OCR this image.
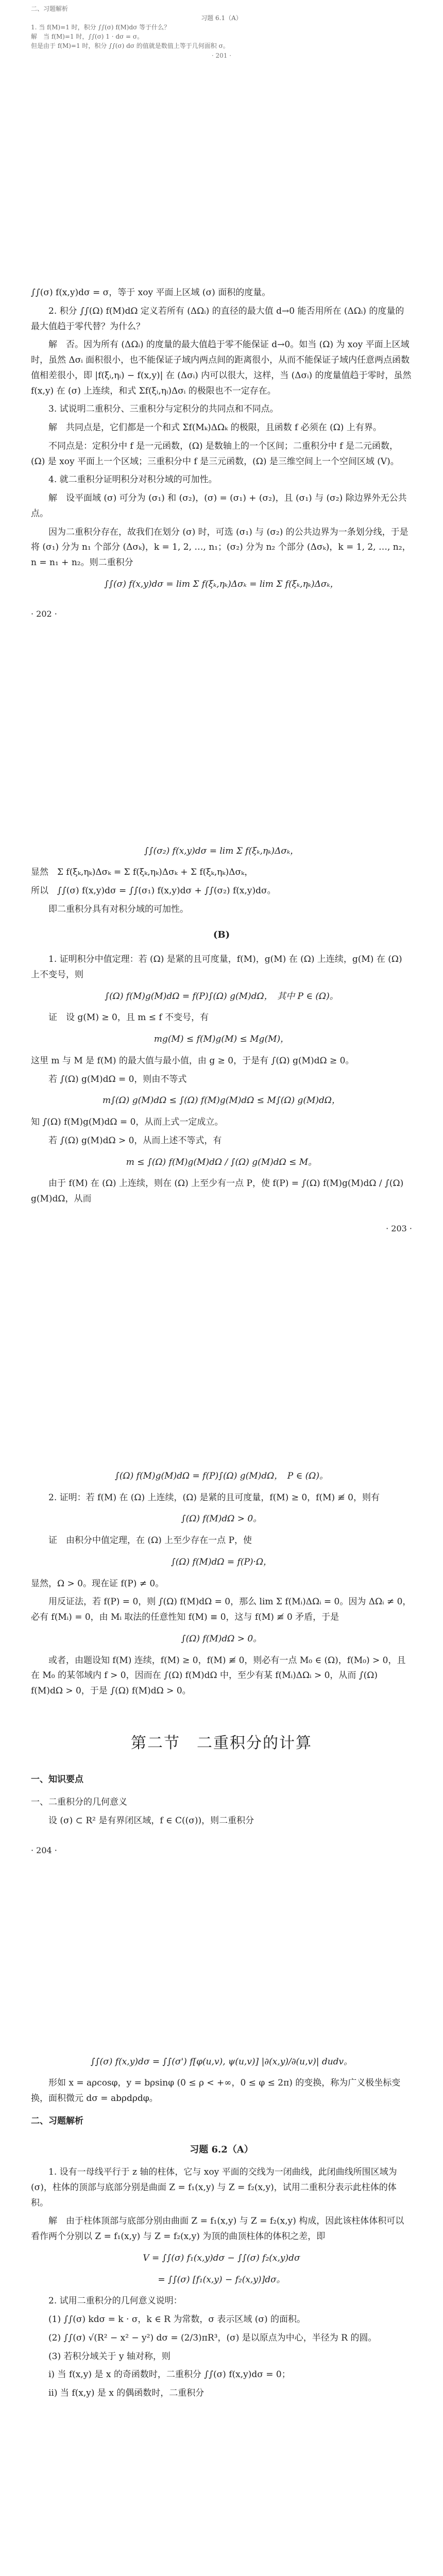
二、习题解析
习题 6.1（A）
1. 当 f(M)=1 时，积分 ∫∫(σ) f(M)dσ 等于什么？
解　当 f(M)=1 时，∫∫(σ) 1 · dσ = σ。
但是由于 f(M)=1 时，积分 ∫∫(σ) dσ 的值就是数值上等于几何面积 σ。
· 201 ·

∫∫(σ) f(x,y)dσ = σ，等于 xoy 平面上区域 (σ) 面积的度量。

2. 积分 ∫∫(Ω) f(M)dΩ 定义若所有 (ΔΩᵢ) 的直径的最大值 d→0 能否用所在 (ΔΩᵢ) 的度量的最大值趋于零代替？为什么？

解　否。因为所有 (ΔΩᵢ) 的度量的最大值趋于零不能保证 d→0。如当 (Ω) 为 xoy 平面上区域时，虽然 Δσᵢ 面积很小，也不能保证子域内两点间的距离很小，从而不能保证子域内任意两点函数值相差很小，即 |f(ξᵢ,ηᵢ) − f(x,y)| 在 (Δσᵢ) 内可以很大，这样，当 (Δσᵢ) 的度量值趋于零时，虽然 f(x,y) 在 (σ) 上连续，和式 Σf(ξᵢ,ηᵢ)Δσᵢ 的极限也不一定存在。

3. 试说明二重积分、三重积分与定积分的共同点和不同点。

解　共同点是，它们都是一个和式 Σf(Mₖ)ΔΩₖ 的极限，且函数 f 必须在 (Ω) 上有界。

不同点是：定积分中 f 是一元函数，(Ω) 是数轴上的一个区间；二重积分中 f 是二元函数，(Ω) 是 xoy 平面上一个区域；三重积分中 f 是三元函数，(Ω) 是三维空间上一个空间区域 (V)。

4. 就二重积分证明积分对积分域的可加性。

解　设平面域 (σ) 可分为 (σ₁) 和 (σ₂)，(σ) = (σ₁) + (σ₂)，且 (σ₁) 与 (σ₂) 除边界外无公共点。

因为二重积分存在，故我们在划分 (σ) 时，可选 (σ₁) 与 (σ₂) 的公共边界为一条划分线，于是将 (σ₁) 分为 n₁ 个部分 (Δσₖ)，k = 1, 2, …, n₁；(σ₂) 分为 n₂ 个部分 (Δσₖ)，k = 1, 2, …, n₂，n = n₁ + n₂。则二重积分

∫∫(σ) f(x,y)dσ = lim Σ f(ξₖ,ηₖ)Δσₖ = lim Σ f(ξₖ,ηₖ)Δσₖ，
· 202 ·
∫∫(σ₂) f(x,y)dσ = lim Σ f(ξₖ,ηₖ)Δσₖ，

显然　Σ f(ξₖ,ηₖ)Δσₖ = Σ f(ξₖ,ηₖ)Δσₖ + Σ f(ξₖ,ηₖ)Δσₖ，

所以　∫∫(σ) f(x,y)dσ = ∫∫(σ₁) f(x,y)dσ + ∫∫(σ₂) f(x,y)dσ。

即二重积分具有对积分域的可加性。

(B)

1. 证明积分中值定理：若 (Ω) 是紧的且可度量，f(M)，g(M) 在 (Ω) 上连续，g(M) 在 (Ω) 上不变号，则

∫(Ω) f(M)g(M)dΩ = f(P)∫(Ω) g(M)dΩ，　其中 P ∈ (Ω)。

证　设 g(M) ≥ 0，且 m ≤ f 不变号，有

mg(M) ≤ f(M)g(M) ≤ Mg(M)，

这里 m 与 M 是 f(M) 的最大值与最小值，由 g ≥ 0，于是有 ∫(Ω) g(M)dΩ ≥ 0。

若 ∫(Ω) g(M)dΩ = 0，则由不等式

m∫(Ω) g(M)dΩ ≤ ∫(Ω) f(M)g(M)dΩ ≤ M∫(Ω) g(M)dΩ，

知 ∫(Ω) f(M)g(M)dΩ = 0，从而上式一定成立。

若 ∫(Ω) g(M)dΩ > 0，从而上述不等式，有

m ≤ ∫(Ω) f(M)g(M)dΩ / ∫(Ω) g(M)dΩ ≤ M。

由于 f(M) 在 (Ω) 上连续，则在 (Ω) 上至少有一点 P，使 f(P) = ∫(Ω) f(M)g(M)dΩ / ∫(Ω) g(M)dΩ，从而

· 203 ·
∫(Ω) f(M)g(M)dΩ = f(P)∫(Ω) g(M)dΩ，　P ∈ (Ω)。

2. 证明：若 f(M) 在 (Ω) 上连续，(Ω) 是紧的且可度量，f(M) ≥ 0，f(M) ≢ 0，则有

∫(Ω) f(M)dΩ > 0。

证　由积分中值定理，在 (Ω) 上至少存在一点 P，使

∫(Ω) f(M)dΩ = f(P)·Ω，

显然，Ω > 0。现在证 f(P) ≠ 0。

用反证法，若 f(P) = 0，则 ∫(Ω) f(M)dΩ = 0，那么 lim Σ f(Mᵢ)ΔΩᵢ = 0。因为 ΔΩᵢ ≠ 0，必有 f(Mᵢ) = 0，由 Mᵢ 取法的任意性知 f(M) ≡ 0，这与 f(M) ≢ 0 矛盾，于是

∫(Ω) f(M)dΩ > 0。

或者，由题设知 f(M) 连续，f(M) ≥ 0，f(M) ≢ 0，则必有一点 M₀ ∈ (Ω)，f(M₀) > 0，且在 M₀ 的某邻域内 f > 0，因而在 ∫(Ω) f(M)dΩ 中，至少有某 f(Mᵢ)ΔΩᵢ > 0，从而 ∫(Ω) f(M)dΩ > 0，于是 ∫(Ω) f(M)dΩ > 0。

第二节　二重积分的计算
一、知识要点
一、二重积分的几何意义

设 (σ) ⊂ R² 是有界闭区域，f ∈ C((σ))，则二重积分

· 204 ·
∫∫(σ) f(x,y)dσ = ∫∫(σ') f[φ(u,v), ψ(u,v)] |∂(x,y)/∂(u,v)| dudv。

形如 x = aρcosφ，y = bρsinφ (0 ≤ ρ < +∞，0 ≤ φ ≤ 2π) 的变换，称为广义极坐标变换，面积微元 dσ = abρdρdφ。

二、习题解析
习题 6.2（A）

1. 设有一母线平行于 z 轴的柱体，它与 xoy 平面的交线为一闭曲线，此闭曲线所围区域为 (σ)，柱体的顶部与底部分别是曲面 Z = f₁(x,y) 与 Z = f₂(x,y)，试用二重积分表示此柱体的体积。

解　由于柱体顶部与底部分别由曲面 Z = f₁(x,y) 与 Z = f₂(x,y) 构成，因此该柱体体积可以看作两个分别以 Z = f₁(x,y) 与 Z = f₂(x,y) 为顶的曲顶柱体的体积之差，即

V = ∫∫(σ) f₁(x,y)dσ − ∫∫(σ) f₂(x,y)dσ
= ∫∫(σ) [f₁(x,y) − f₂(x,y)]dσ。

2. 试用二重积分的几何意义说明：

(1) ∫∫(σ) kdσ = k · σ，k ∈ R 为常数，σ 表示区域 (σ) 的面积。

(2) ∫∫(σ) √(R² − x² − y²) dσ = (2/3)πR³，(σ) 是以原点为中心，半径为 R 的圆。

(3) 若积分域关于 y 轴对称，则

i) 当 f(x,y) 是 x 的奇函数时，二重积分 ∫∫(σ) f(x,y)dσ = 0；

ii) 当 f(x,y) 是 x 的偶函数时，二重积分
